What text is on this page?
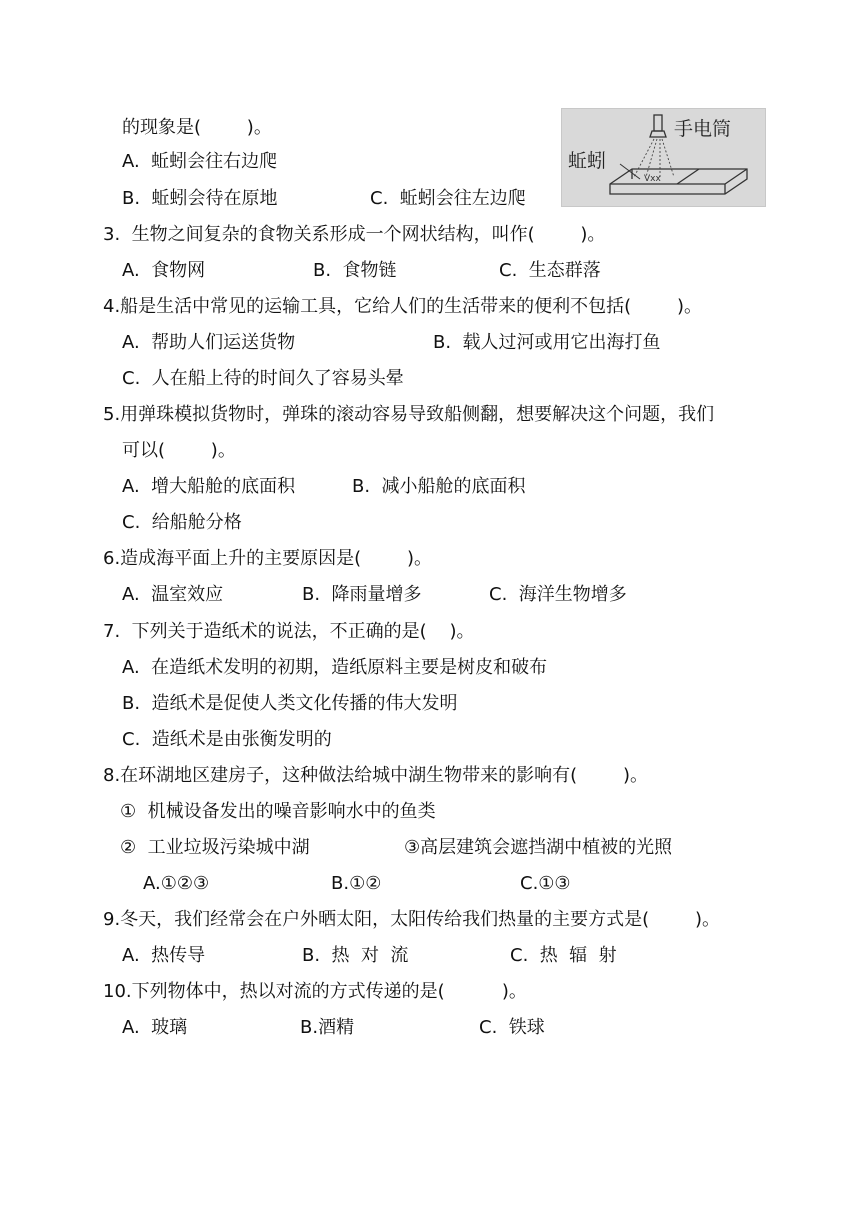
的现象是(        )。
A.  蚯蚓会往右边爬
B.  蚯蚓会待在原地	C.  蚯蚓会往左边爬
Vxx
手电筒
蚯蚓
3.  生物之间复杂的食物关系形成一个网状结构，叫作(        )。
A.  食物网	B.  食物链	C.  生态群落
4.船是生活中常见的运输工具，它给人们的生活带来的便利不包括(        )。
A.  帮助人们运送货物	B.  载人过河或用它出海打鱼
C.  人在船上待的时间久了容易头晕
5.用弹珠模拟货物时，弹珠的滚动容易导致船侧翻，想要解决这个问题，我们
可以(        )。
A.  增大船舱的底面积	B.  减小船舱的底面积
C.  给船舱分格
6.造成海平面上升的主要原因是(        )。
A.  温室效应	B.  降雨量增多	C.  海洋生物增多
7.  下列关于造纸术的说法，不正确的是(    )。
A.  在造纸术发明的初期，造纸原料主要是树皮和破布
B.  造纸术是促使人类文化传播的伟大发明
C.  造纸术是由张衡发明的
8.在环湖地区建房子，这种做法给城中湖生物带来的影响有(        )。
①  机械设备发出的噪音影响水中的鱼类
②  工业垃圾污染城中湖	③高层建筑会遮挡湖中植被的光照
A.①②③	B.①②	C.①③
9.冬天，我们经常会在户外晒太阳，太阳传给我们热量的主要方式是(        )。
A.  热传导	B.  热  对  流	C.  热  辐  射
10.下列物体中，热以对流的方式传递的是(          )。
A.  玻璃	B.酒精	C.  铁球
